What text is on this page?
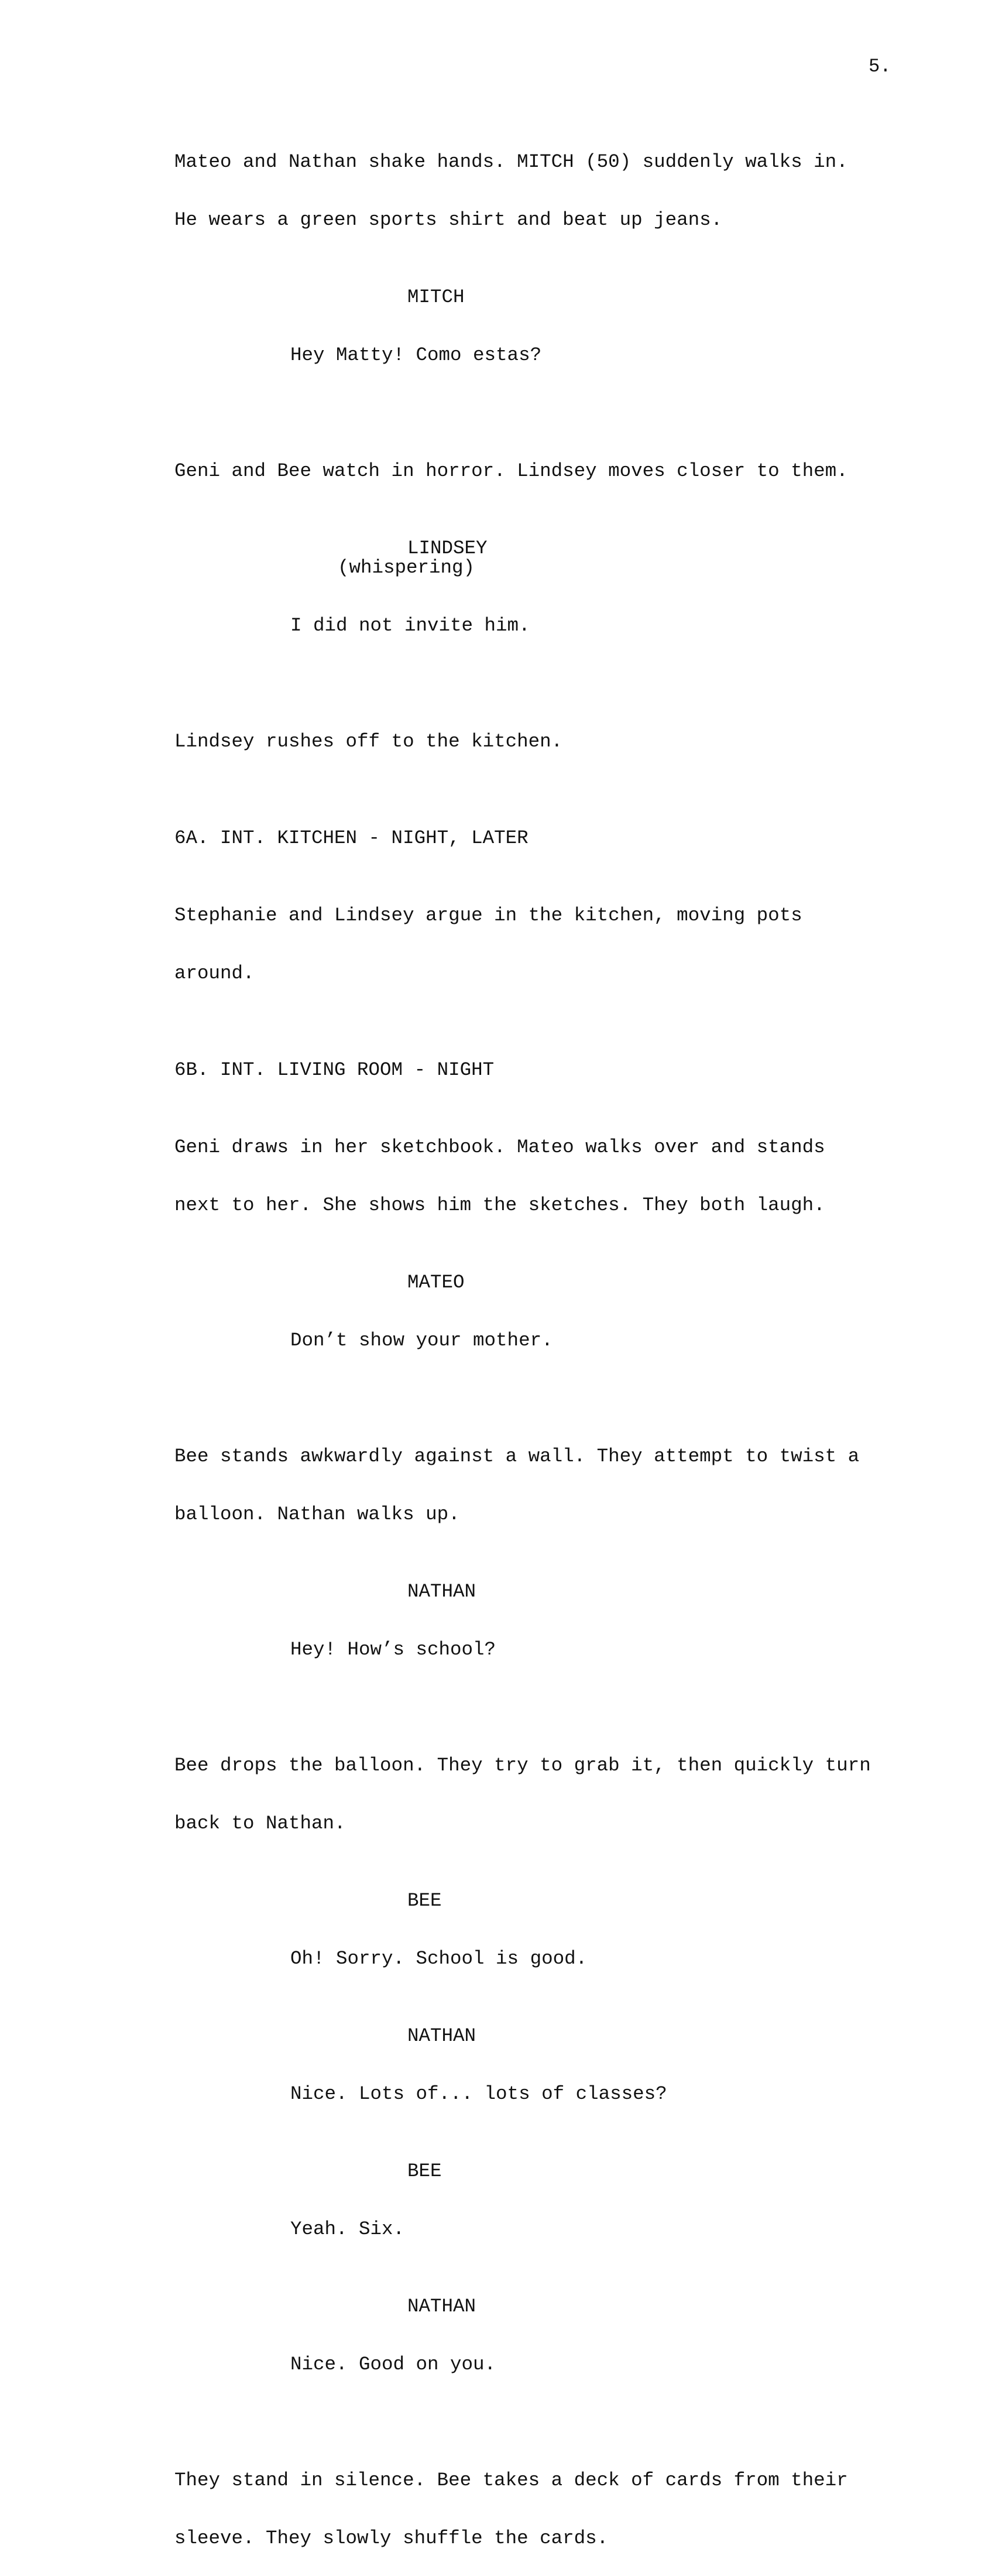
5.

Mateo and Nathan shake hands. MITCH (50) suddenly walks in.

He wears a green sports shirt and beat up jeans.

MITCH

Hey Matty! Como estas?

Geni and Bee watch in horror. Lindsey moves closer to them.

LINDSEY
(whispering)

I did not invite him.

Lindsey rushes off to the kitchen.

6A. INT. KITCHEN - NIGHT, LATER

Stephanie and Lindsey argue in the kitchen, moving pots

around.

6B. INT. LIVING ROOM - NIGHT

Geni draws in her sketchbook. Mateo walks over and stands

next to her. She shows him the sketches. They both laugh.

MATEO

Don’t show your mother.

Bee stands awkwardly against a wall. They attempt to twist a

balloon. Nathan walks up.

NATHAN

Hey! How’s school?

Bee drops the balloon. They try to grab it, then quickly turn

back to Nathan.

BEE

Oh! Sorry. School is good.

NATHAN

Nice. Lots of... lots of classes?

BEE

Yeah. Six.

NATHAN

Nice. Good on you.

They stand in silence. Bee takes a deck of cards from their

sleeve. They slowly shuffle the cards.
